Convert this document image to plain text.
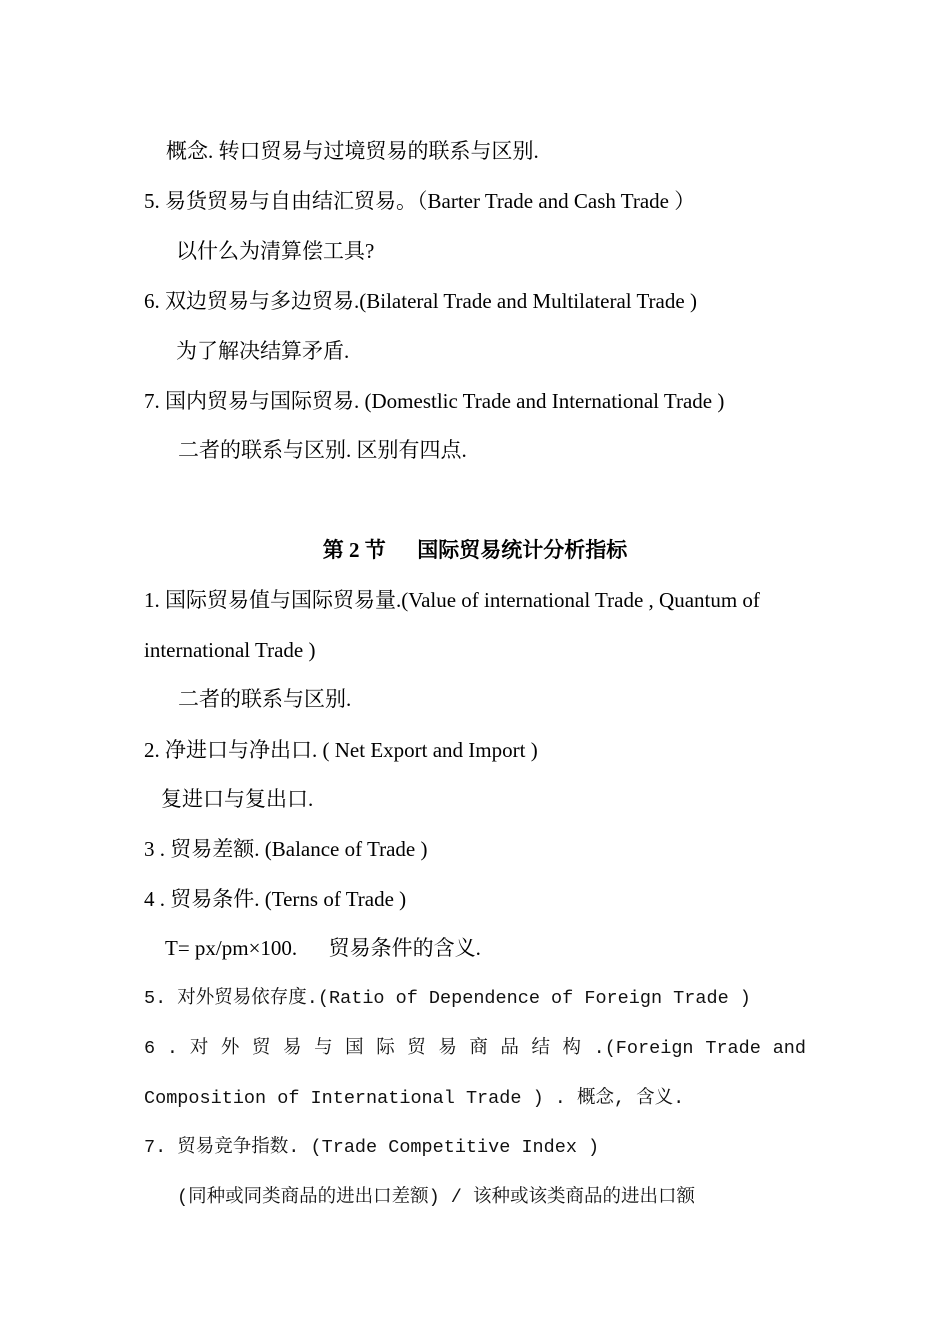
概念. 转口贸易与过境贸易的联系与区别.
5. 易货贸易与自由结汇贸易。（Barter Trade and Cash Trade ）
以什么为清算偿工具?
6. 双边贸易与多边贸易.(Bilateral Trade and Multilateral Trade )
为了解决结算矛盾.
7. 国内贸易与国际贸易. (Domestlic Trade and International Trade )
二者的联系与区别. 区别有四点.
第 2 节      国际贸易统计分析指标
1. 国际贸易值与国际贸易量.(Value of international Trade , Quantum of
international Trade )
二者的联系与区别.
2. 净进口与净出口. ( Net Export and Import )
复进口与复出口.
3 . 贸易差额. (Balance of Trade )
4 . 贸易条件. (Terns of Trade )
T= px/pm×100.      贸易条件的含义.
5. 对外贸易依存度.(Ratio of Dependence of Foreign Trade )
6 . 对 外 贸 易 与 国 际 贸 易 商 品 结 构 .(Foreign Trade and
Composition of International Trade ) . 概念, 含义.
7. 贸易竞争指数. (Trade Competitive Index )
(同种或同类商品的进出口差额) / 该种或该类商品的进出口额
